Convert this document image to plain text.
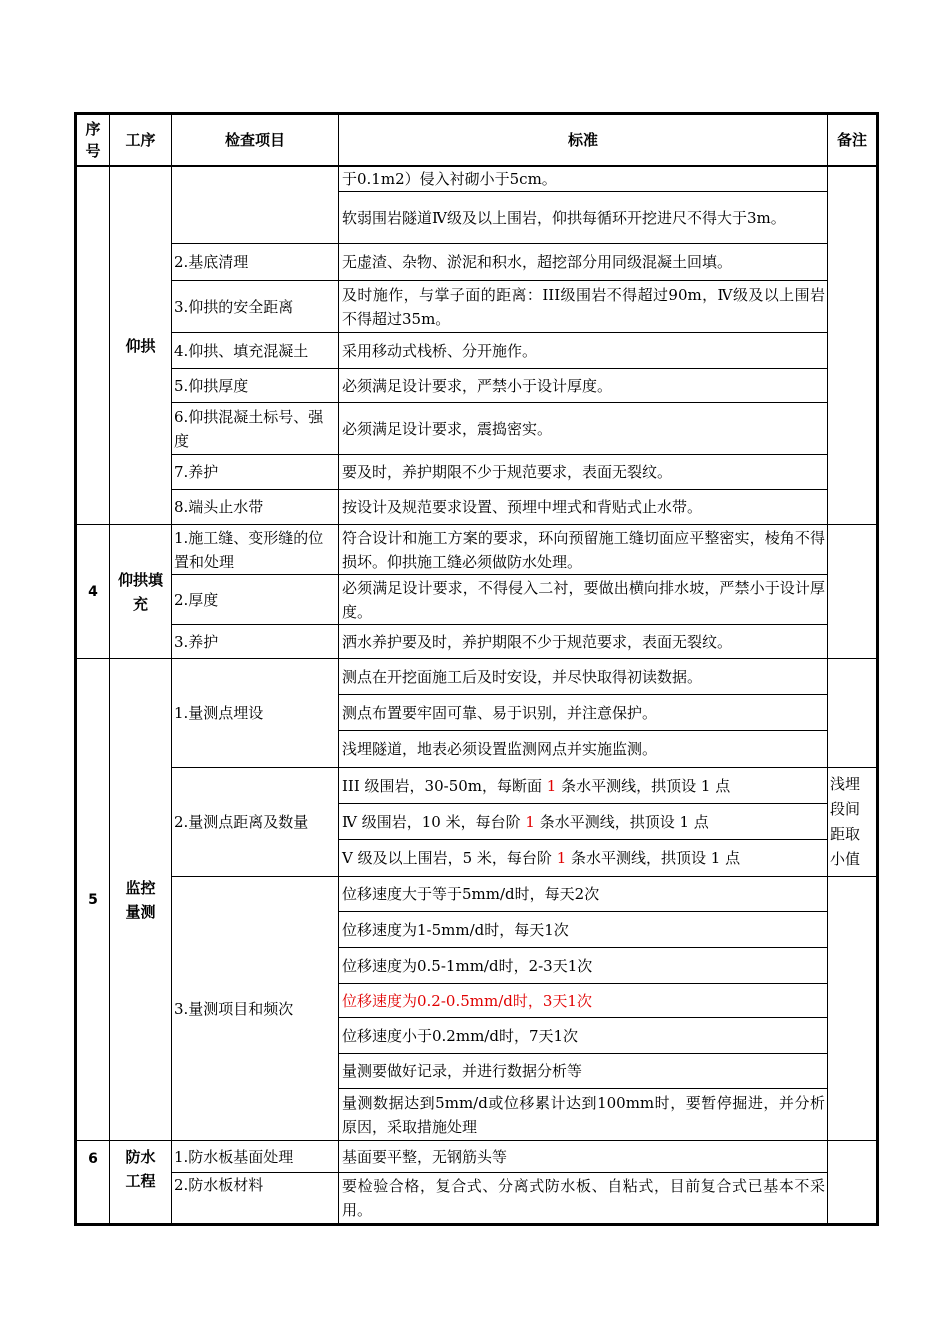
序
号	工序	检查项目	标准	备注
	仰拱		于0.1m2）侵入衬砌小于5cm。	
			软弱围岩隧道Ⅳ级及以上围岩，仰拱每循环开挖进尺不得大于3m。	
		2.基底清理	无虚渣、杂物、淤泥和积水，超挖部分用同级混凝土回填。	
		3.仰拱的安全距离	及时施作，与掌子面的距离：III级围岩不得超过90m，Ⅳ级及以上围岩不得超过35m。	
		4.仰拱、填充混凝土	采用移动式栈桥、分开施作。	
		5.仰拱厚度	必须满足设计要求，严禁小于设计厚度。	
		6.仰拱混凝土标号、强度	必须满足设计要求，震捣密实。	
		7.养护	要及时，养护期限不少于规范要求，表面无裂纹。	
		8.端头止水带	按设计及规范要求设置、预埋中埋式和背贴式止水带。	
4	仰拱填充	1.施工缝、变形缝的位置和处理	符合设计和施工方案的要求，环向预留施工缝切面应平整密实，棱角不得损坏。仰拱施工缝必须做防水处理。	
		2.厚度	必须满足设计要求，不得侵入二衬，要做出横向排水坡，严禁小于设计厚度。	
		3.养护	洒水养护要及时，养护期限不少于规范要求，表面无裂纹。	
5	监控量测	1.量测点埋设	测点在开挖面施工后及时安设，并尽快取得初读数据。	
			测点布置要牢固可靠、易于识别，并注意保护。	
			浅埋隧道，地表必须设置监测网点并实施监测。	
		2.量测点距离及数量	III 级围岩，30-50m，每断面 1 条水平测线，拱顶设 1 点	浅埋段间距取小值
			Ⅳ 级围岩，10 米，每台阶 1 条水平测线，拱顶设 1 点	
			Ⅴ 级及以上围岩，5 米，每台阶 1 条水平测线，拱顶设 1 点	
		3.量测项目和频次	位移速度大于等于5mm/d时，每天2次	
			位移速度为1-5mm/d时，每天1次	
			位移速度为0.5-1mm/d时，2-3天1次	
			位移速度为0.2-0.5mm/d时，3天1次	
			位移速度小于0.2mm/d时，7天1次	
			量测要做好记录，并进行数据分析等	
			量测数据达到5mm/d或位移累计达到100mm时，要暂停掘进，并分析原因，采取措施处理	
6	防水工程	1.防水板基面处理	基面要平整，无钢筋头等	
		2.防水板材料	要检验合格，复合式、分离式防水板、自粘式，目前复合式已基本不采用。	
